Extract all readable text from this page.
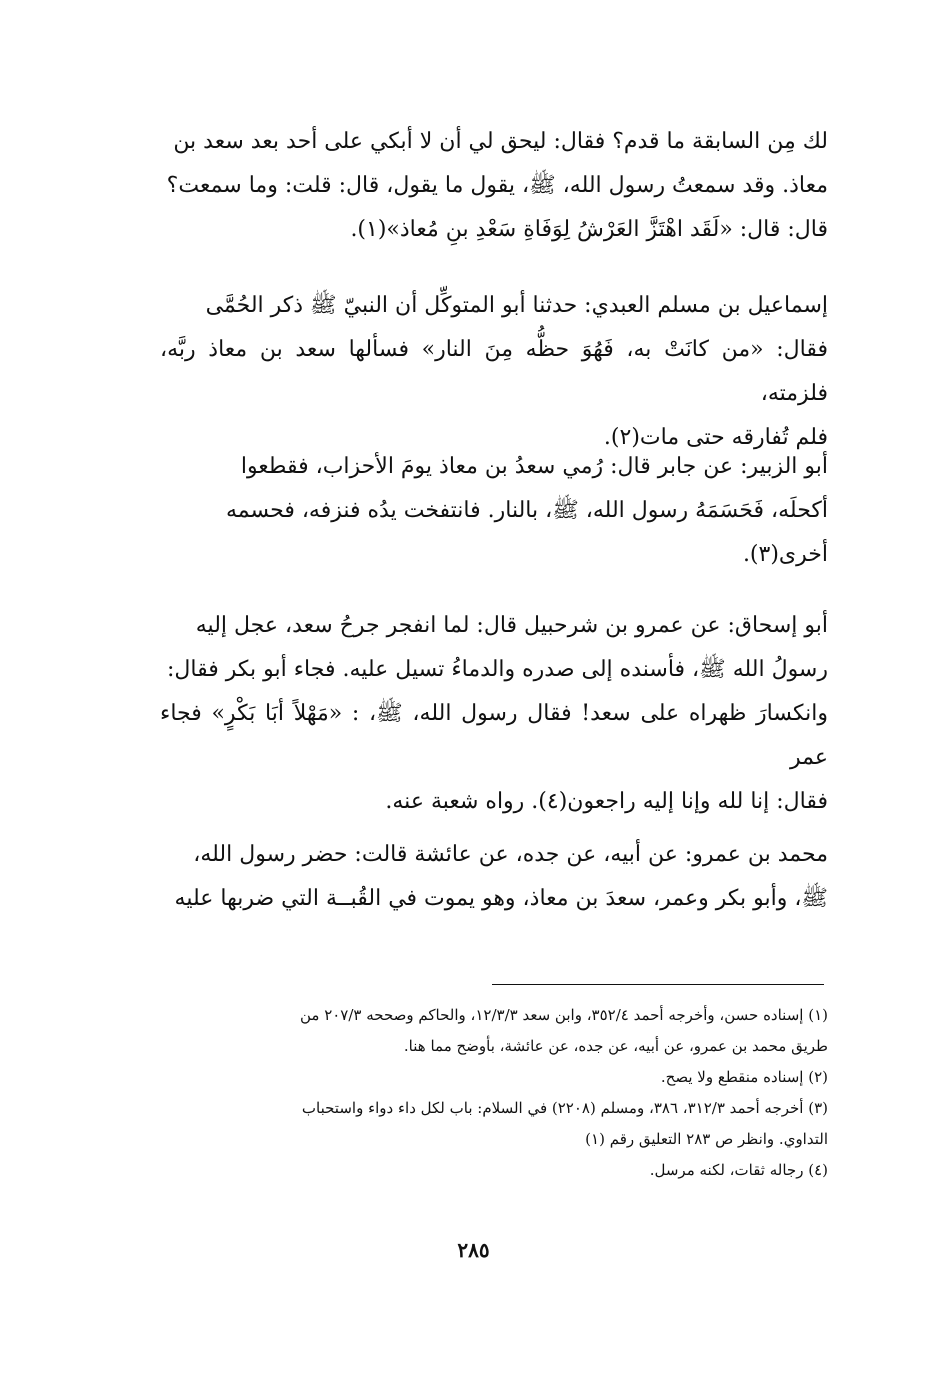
لك مِن السابقة ما قدم؟ فقال: ليحق لي أن لا أبكي على أحد بعد سعد بن

معاذ. وقد سمعتُ رسول الله، ﷺ، يقول ما يقول، قال: قلت: وما سمعت؟

قال: قال: «لَقَد اهْتَزَّ العَرْشُ لِوَفَاةِ سَعْدِ بنِ مُعاذ»(١).

إسماعيل بن مسلم العبدي: حدثنا أبو المتوكِّل أن النبيّ ﷺ ذكر الحُمَّى

فقال: «من كانَتْ به، فَهُوَ حظُّه مِنَ النار» فسألها سعد بن معاذ ربَّه، فلزمته،

فلم تُفارقه حتى مات(٢).

أبو الزبير: عن جابر قال: رُمي سعدُ بن معاذ يومَ الأحزاب، فقطعوا

أكحلَه، فَحَسَمَهُ رسول الله، ﷺ، بالنار. فانتفخت يدُه فنزفه، فحسمه

أخرى(٣).

أبو إسحاق: عن عمرو بن شرحبيل قال: لما انفجر جرحُ سعد، عجل إليه

رسولُ الله ﷺ، فأسنده إلى صدره والدماءُ تسيل عليه. فجاء أبو بكر فقال:

وانكسارَ ظهراه على سعد! فقال رسول الله، ﷺ، : «مَهْلاً أبَا بَكْرٍ» فجاء عمر

فقال: إنا لله وإنا إليه راجعون(٤). رواه شعبة عنه.

محمد بن عمرو: عن أبيه، عن جده، عن عائشة قالت: حضر رسول الله،

ﷺ، وأبو بكر وعمر، سعدَ بن معاذ، وهو يموت في القُبــة التي ضربها عليه

(١) إسناده حسن، وأخرجه أحمد ٣٥٢/٤، وابن سعد ١٢/٣/٣، والحاكم وصححه ٢٠٧/٣ من

طريق محمد بن عمرو، عن أبيه، عن جده، عن عائشة، بأوضح مما هنا.

(٢) إسناده منقطع ولا يصح.

(٣) أخرجه أحمد ٣١٢/٣، ٣٨٦، ومسلم (٢٢٠٨) في السلام: باب لكل داء دواء واستحباب

التداوي. وانظر ص ٢٨٣ التعليق رقم (١)

(٤) رجاله ثقات، لكنه مرسل.

٢٨٥
